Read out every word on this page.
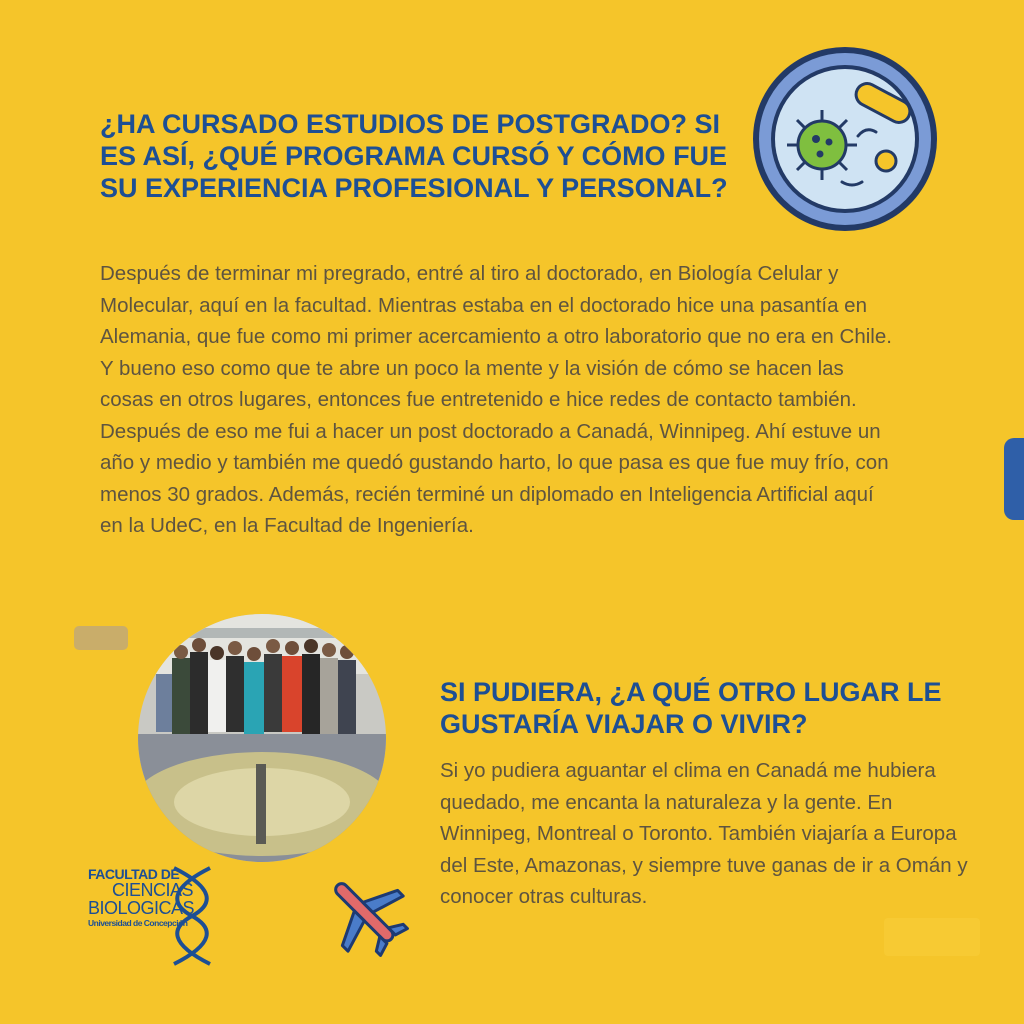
¿HA CURSADO ESTUDIOS DE POSTGRADO? SI ES ASÍ, ¿QUÉ PROGRAMA CURSÓ Y CÓMO FUE SU EXPERIENCIA PROFESIONAL Y PERSONAL?

Después de terminar mi pregrado, entré al tiro al doctorado, en Biología Celular y Molecular, aquí en la facultad. Mientras estaba en el doctorado hice una pasantía en Alemania, que fue como mi primer acercamiento a otro laboratorio que no era en Chile. Y bueno eso como que te abre un poco la mente y la visión de cómo se hacen las cosas en otros lugares, entonces fue entretenido e hice redes de contacto también. Después de eso me fui a hacer un post doctorado a Canadá, Winnipeg. Ahí estuve un año y medio y también me quedó gustando harto, lo que pasa es que fue muy frío, con menos 30 grados. Además, recién terminé un diplomado en Inteligencia Artificial aquí en la UdeC, en la Facultad de Ingeniería.

SI PUDIERA, ¿A QUÉ OTRO LUGAR LE GUSTARÍA VIAJAR O VIVIR?

Si yo pudiera aguantar el clima en Canadá me hubiera quedado, me encanta la naturaleza y la gente. En Winnipeg, Montreal o Toronto. También viajaría a Europa del Este, Amazonas, y siempre tuve ganas de ir a Omán y conocer otras culturas.

FACULTAD DE
CIENCIAS
BIOLOGICAS
Universidad de Concepción
